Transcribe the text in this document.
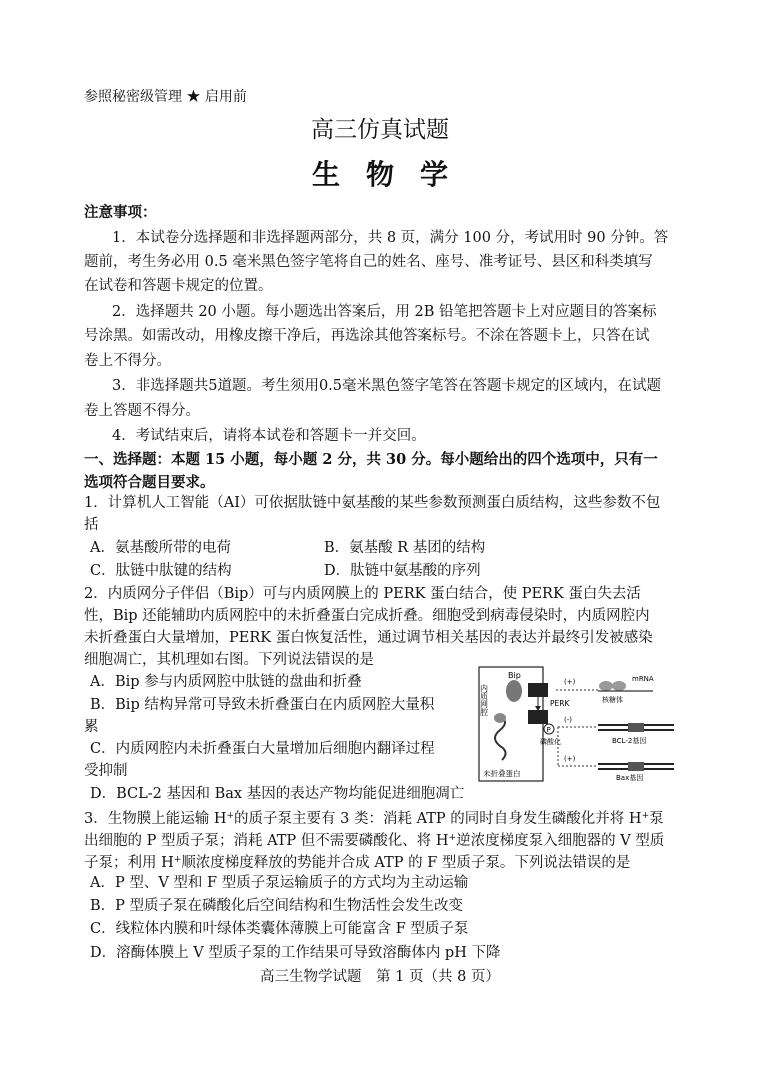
参照秘密级管理 ★ 启用前
高三仿真试题
生物学
注意事项：
1．本试卷分选择题和非选择题两部分，共 8 页，满分 100 分，考试用时 90 分钟。答
题前，考生务必用 0.5 毫米黑色签字笔将自己的姓名、座号、准考证号、县区和科类填写
在试卷和答题卡规定的位置。
2．选择题共 20 小题。每小题选出答案后，用 2B 铅笔把答题卡上对应题目的答案标
号涂黑。如需改动，用橡皮擦干净后，再选涂其他答案标号。不涂在答题卡上，只答在试
卷上不得分。
3．非选择题共5道题。考生须用0.5毫米黑色签字笔答在答题卡规定的区域内，在试题
卷上答题不得分。
4．考试结束后，请将本试卷和答题卡一并交回。
一、选择题：本题 15 小题，每小题 2 分，共 30 分。每小题给出的四个选项中，只有一
选项符合题目要求。
1．计算机人工智能（AI）可依据肽链中氨基酸的某些参数预测蛋白质结构，这些参数不包
括
A．氨基酸所带的电荷	B．氨基酸 R 基团的结构
C．肽链中肽键的结构	D．肽链中氨基酸的序列
2．内质网分子伴侣（Bip）可与内质网膜上的 PERK 蛋白结合，使 PERK 蛋白失去活
性，Bip 还能辅助内质网腔中的未折叠蛋白完成折叠。细胞受到病毒侵染时，内质网腔内
未折叠蛋白大量增加，PERK 蛋白恢复活性，通过调节相关基因的表达并最终引发被感染
细胞凋亡，其机理如右图。下列说法错误的是
A．Bip 参与内质网腔中肽链的盘曲和折叠
B．Bip 结构异常可导致未折叠蛋白在内质网腔大量积
累
C．内质网腔内未折叠蛋白大量增加后细胞内翻译过程
受抑制
D．BCL-2 基因和 Bax 基因的表达产物均能促进细胞凋亡
内质网腔
Bip
PERK
P
磷酸化
未折叠蛋白
(+)
(-)
(+)
mRNA
核糖体
BCL-2基因
Bax基因
3．生物膜上能运输 H+的质子泵主要有 3 类：消耗 ATP 的同时自身发生磷酸化并将 H+泵
出细胞的 P 型质子泵；消耗 ATP 但不需要磷酸化、将 H+逆浓度梯度泵入细胞器的 V 型质
子泵；利用 H+顺浓度梯度释放的势能并合成 ATP 的 F 型质子泵。下列说法错误的是
A．P 型、V 型和 F 型质子泵运输质子的方式均为主动运输
B．P 型质子泵在磷酸化后空间结构和生物活性会发生改变
C．线粒体内膜和叶绿体类囊体薄膜上可能富含 F 型质子泵
D．溶酶体膜上 V 型质子泵的工作结果可导致溶酶体内 pH 下降
高三生物学试题　第 1 页（共 8 页）
